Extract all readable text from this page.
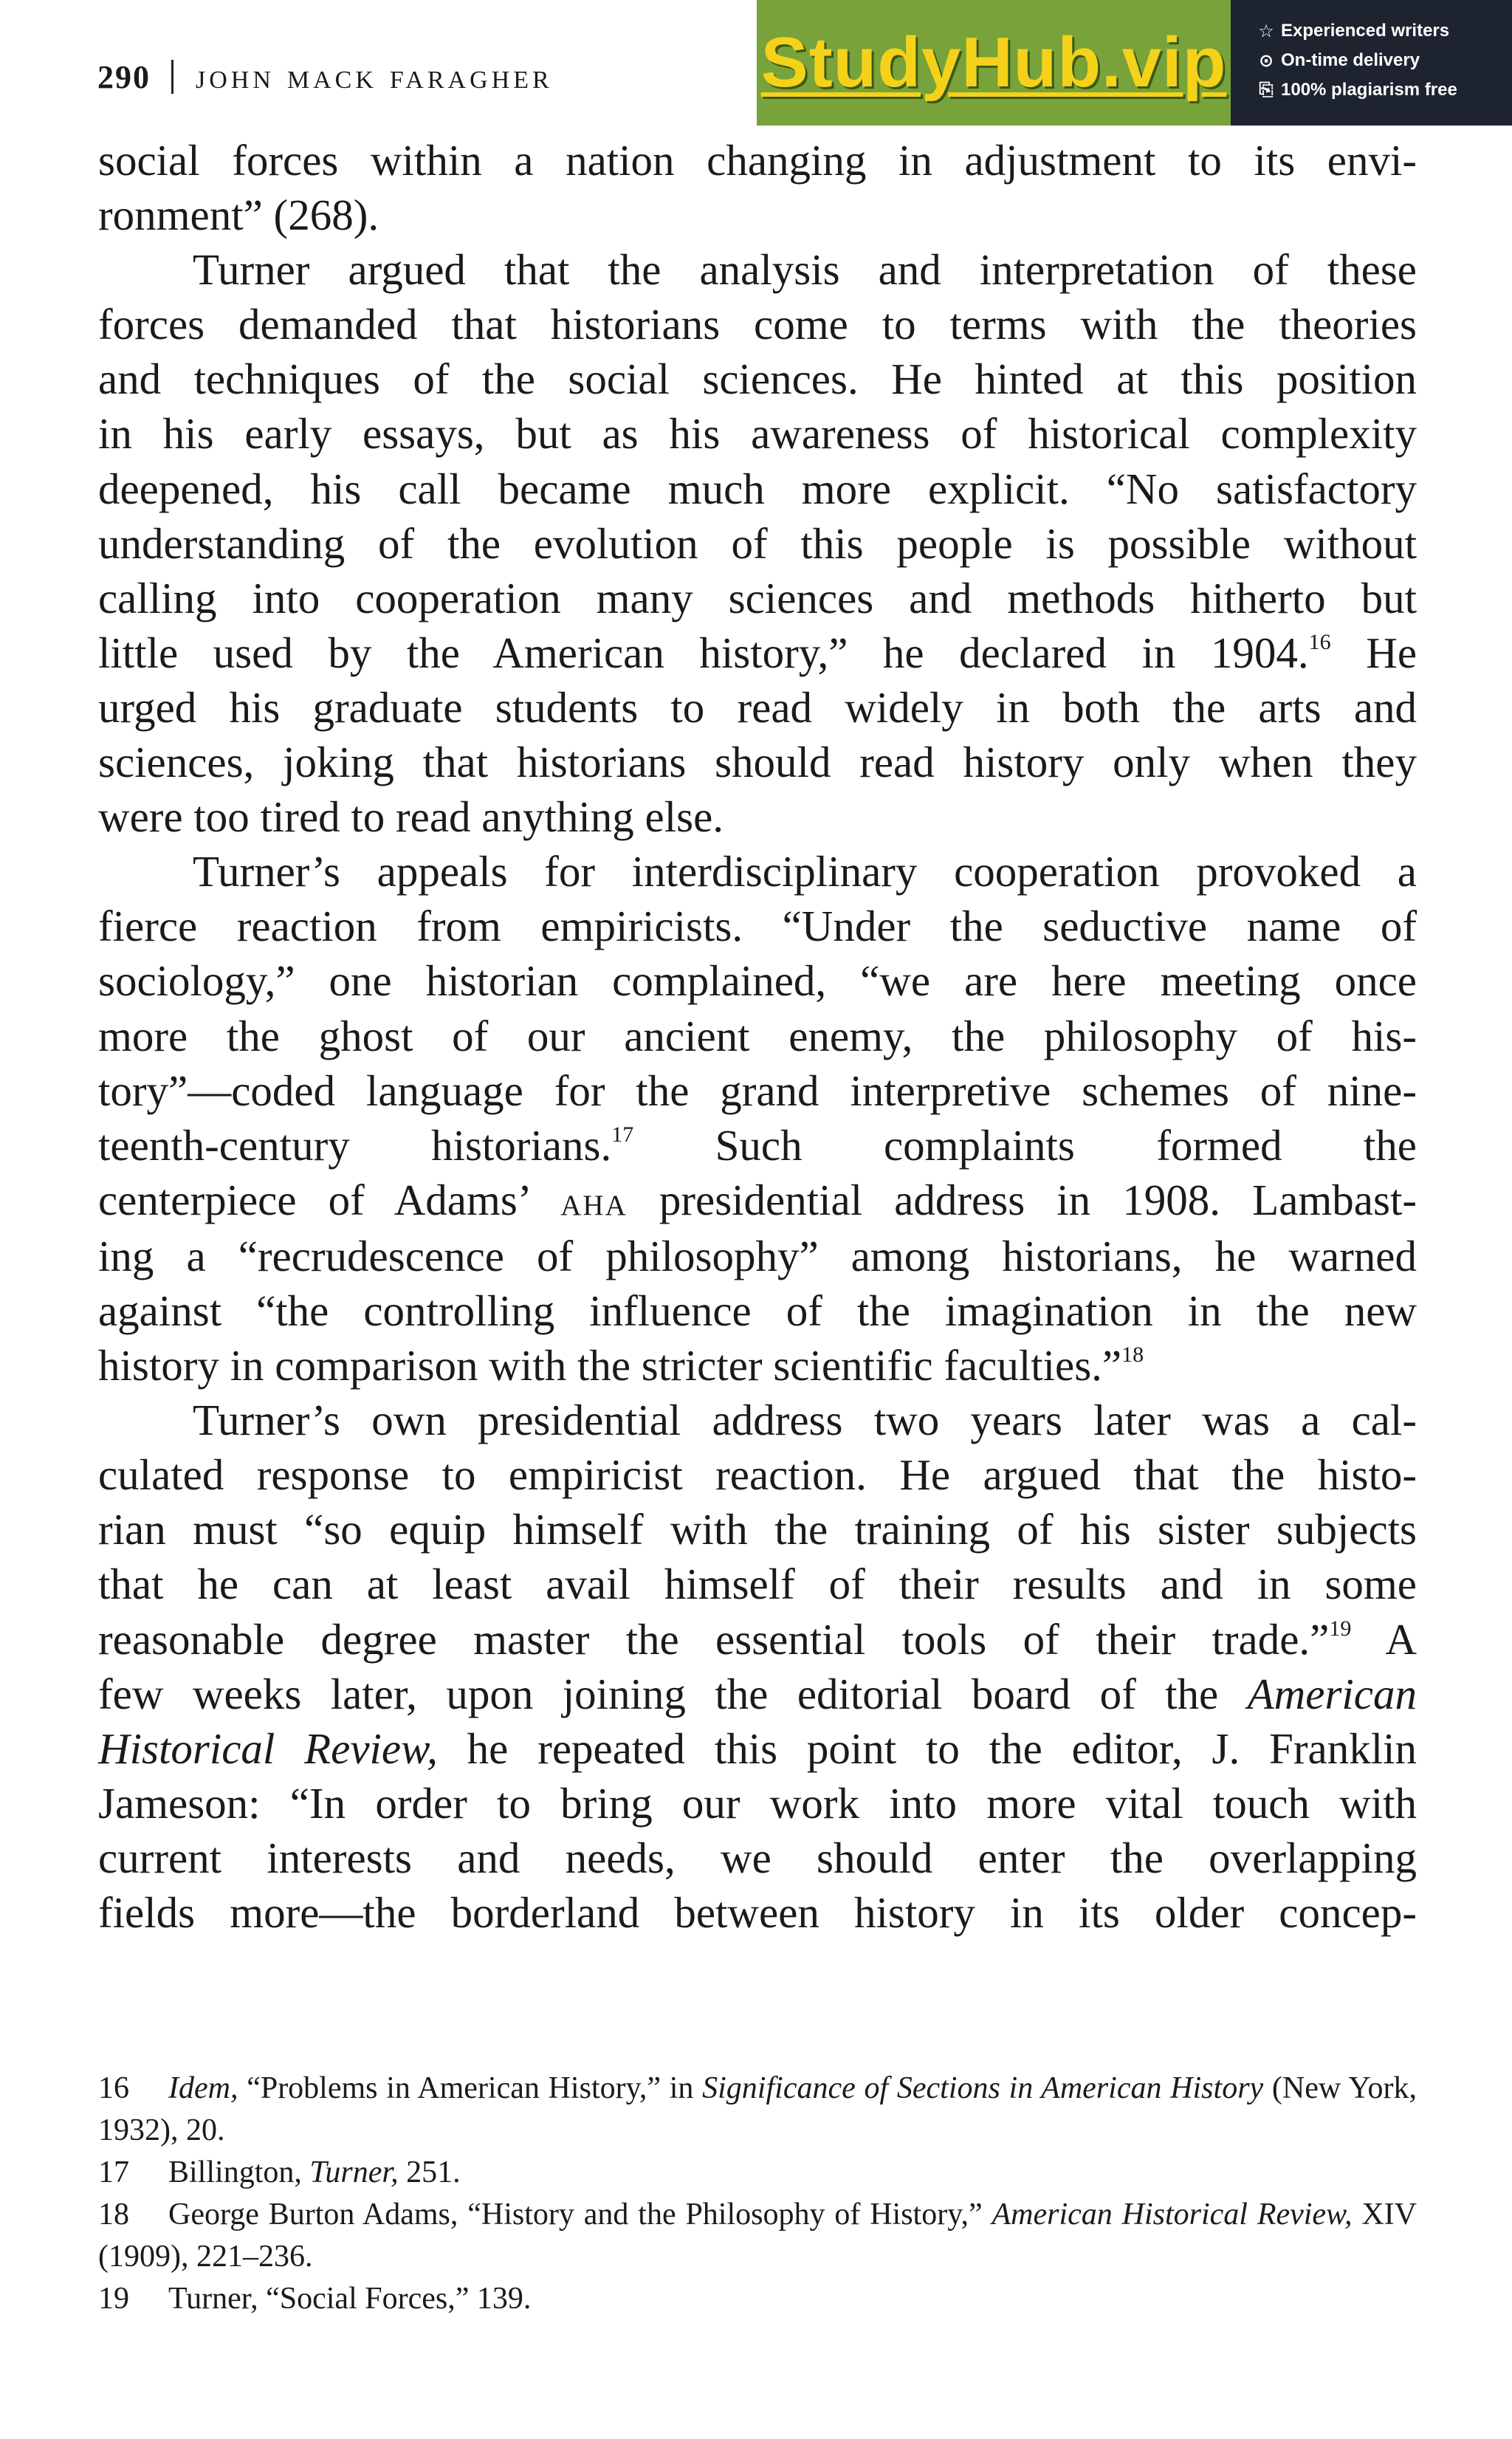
290 john mack faragher	StudyHub.vip ☆ Experienced writers
⊙ On-time delivery
⎘ 100% plagiarism free

social forces within a nation changing in adjustment to its envi-

ronment” (268).

Turner argued that the analysis and interpretation of these

forces demanded that historians come to terms with the theories

and techniques of the social sciences. He hinted at this position

in his early essays, but as his awareness of historical complexity

deepened, his call became much more explicit. “No satisfactory

understanding of the evolution of this people is possible without

calling into cooperation many sciences and methods hitherto but

little used by the American history,” he declared in 1904.16 He

urged his graduate students to read widely in both the arts and

sciences, joking that historians should read history only when they

were too tired to read anything else.

Turner’s appeals for interdisciplinary cooperation provoked a

fierce reaction from empiricists. “Under the seductive name of

sociology,” one historian complained, “we are here meeting once

more the ghost of our ancient enemy, the philosophy of his-

tory”—coded language for the grand interpretive schemes of nine-

teenth-century historians.$^{17}$ Such complaints formed the

centerpiece of Adams’ aha presidential address in 1908. Lambast-

ing a “recrudescence of philosophy” among historians, he warned

against “the controlling influence of the imagination in the new

history in comparison with the stricter scientific faculties.”$^{18}$

Turner’s own presidential address two years later was a cal-

culated response to empiricist reaction. He argued that the histo-

rian must “so equip himself with the training of his sister subjects

that he can at least avail himself of their results and in some

reasonable degree master the essential tools of their trade.”$^{19}$ A

few weeks later, upon joining the editorial board of the American

Historical Review, he repeated this point to the editor, J. Franklin

Jameson: “In order to bring our work into more vital touch with

current interests and needs, we should enter the overlapping

fields more—the borderland between history in its older concep-

16 Idem, “Problems in American History,” in Significance of Sections in American History (New York, 1932), 20.

17 Billington, Turner, 251.

18 George Burton Adams, “History and the Philosophy of History,” American Historical Review, XIV (1909), 221–236.

19 Turner, “Social Forces,” 139.
